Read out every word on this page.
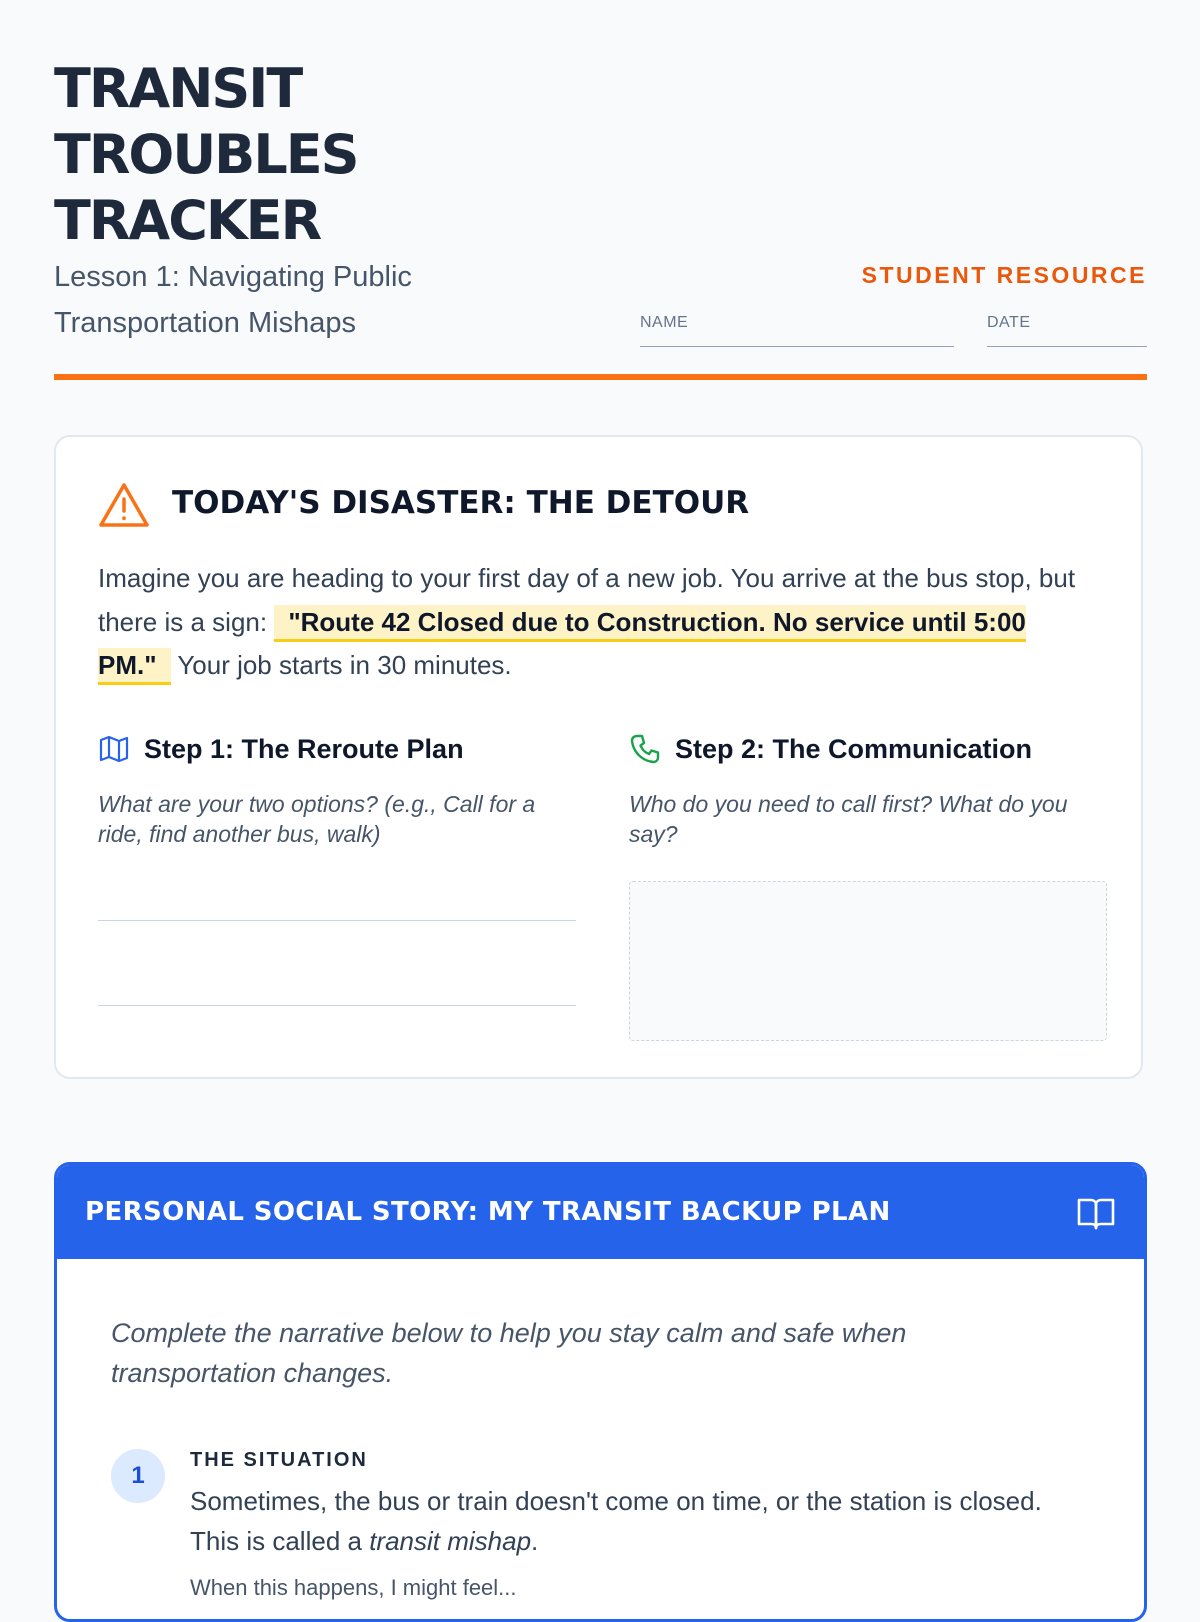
TRANSIT
TROUBLES
TRACKER
Lesson 1: Navigating Public Transportation Mishaps
STUDENT RESOURCE
NAME	DATE
TODAY'S DISASTER: THE DETOUR
Imagine you are heading to your first day of a new job. You arrive at the bus stop, but there is a sign: "Route 42 Closed due to Construction. No service until 5:00 PM." Your job starts in 30 minutes.
Step 1: The Reroute Plan
What are your two options? (e.g., Call for a ride, find another bus, walk)
Step 2: The Communication
Who do you need to call first? What do you say?
PERSONAL SOCIAL STORY: MY TRANSIT BACKUP PLAN
Complete the narrative below to help you stay calm and safe when transportation changes.
1
THE SITUATION
Sometimes, the bus or train doesn't come on time, or the station is closed. This is called a transit mishap.
When this happens, I might feel...
